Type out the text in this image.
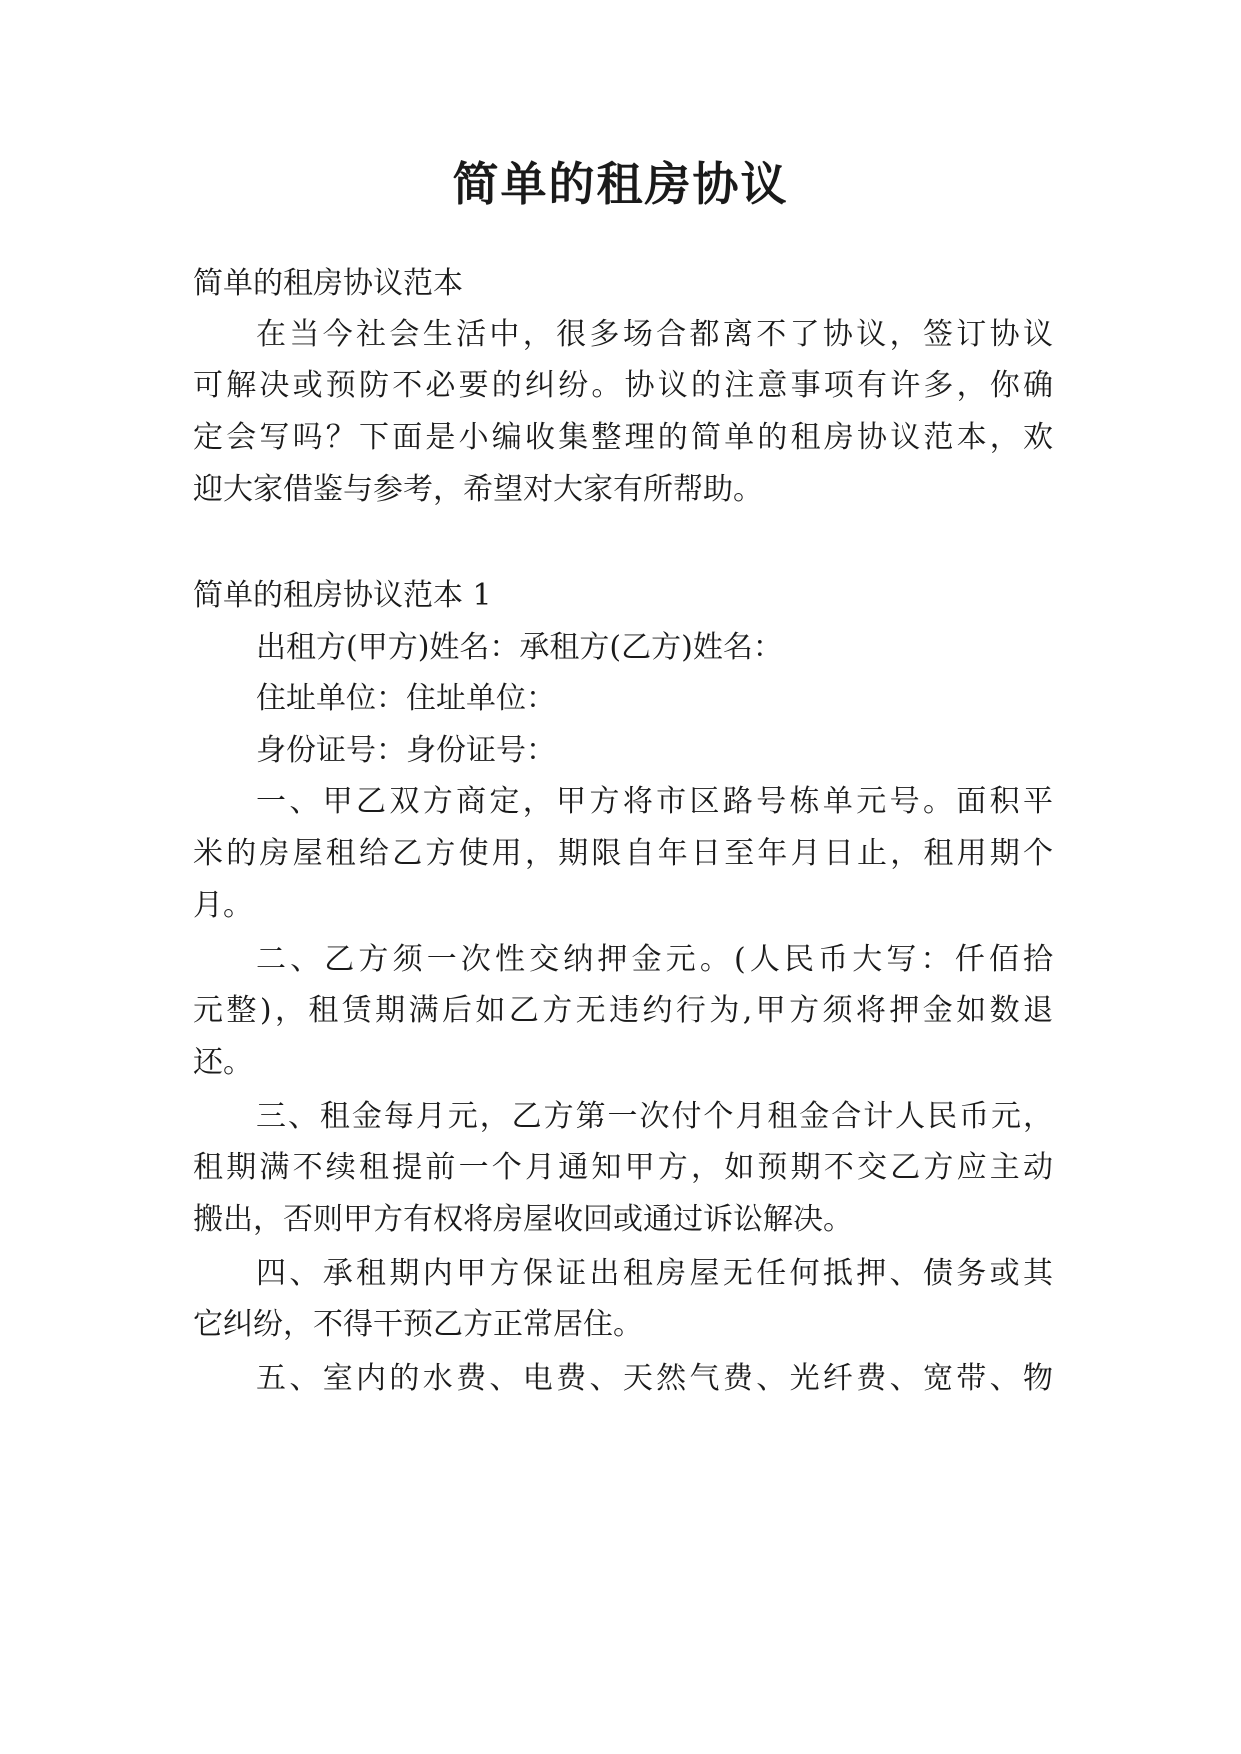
简单的租房协议

简单的租房协议范本

在当今社会生活中，很多场合都离不了协议，签订协议

可解决或预防不必要的纠纷。协议的注意事项有许多，你确

定会写吗？下面是小编收集整理的简单的租房协议范本，欢

迎大家借鉴与参考，希望对大家有所帮助。

简单的租房协议范本 1

出租方(甲方)姓名：承租方(乙方)姓名：

住址单位：住址单位：

身份证号：身份证号：

一、甲乙双方商定，甲方将市区路号栋单元号。面积平

米的房屋租给乙方使用，期限自年日至年月日止，租用期个

月。

二、乙方须一次性交纳押金元。(人民币大写：仟佰拾

元整)，租赁期满后如乙方无违约行为,甲方须将押金如数退

还。

三、租金每月元，乙方第一次付个月租金合计人民币元，

租期满不续租提前一个月通知甲方，如预期不交乙方应主动

搬出，否则甲方有权将房屋收回或通过诉讼解决。

四、承租期内甲方保证出租房屋无任何抵押、债务或其

它纠纷，不得干预乙方正常居住。

五、室内的水费、电费、天然气费、光纤费、宽带、物
